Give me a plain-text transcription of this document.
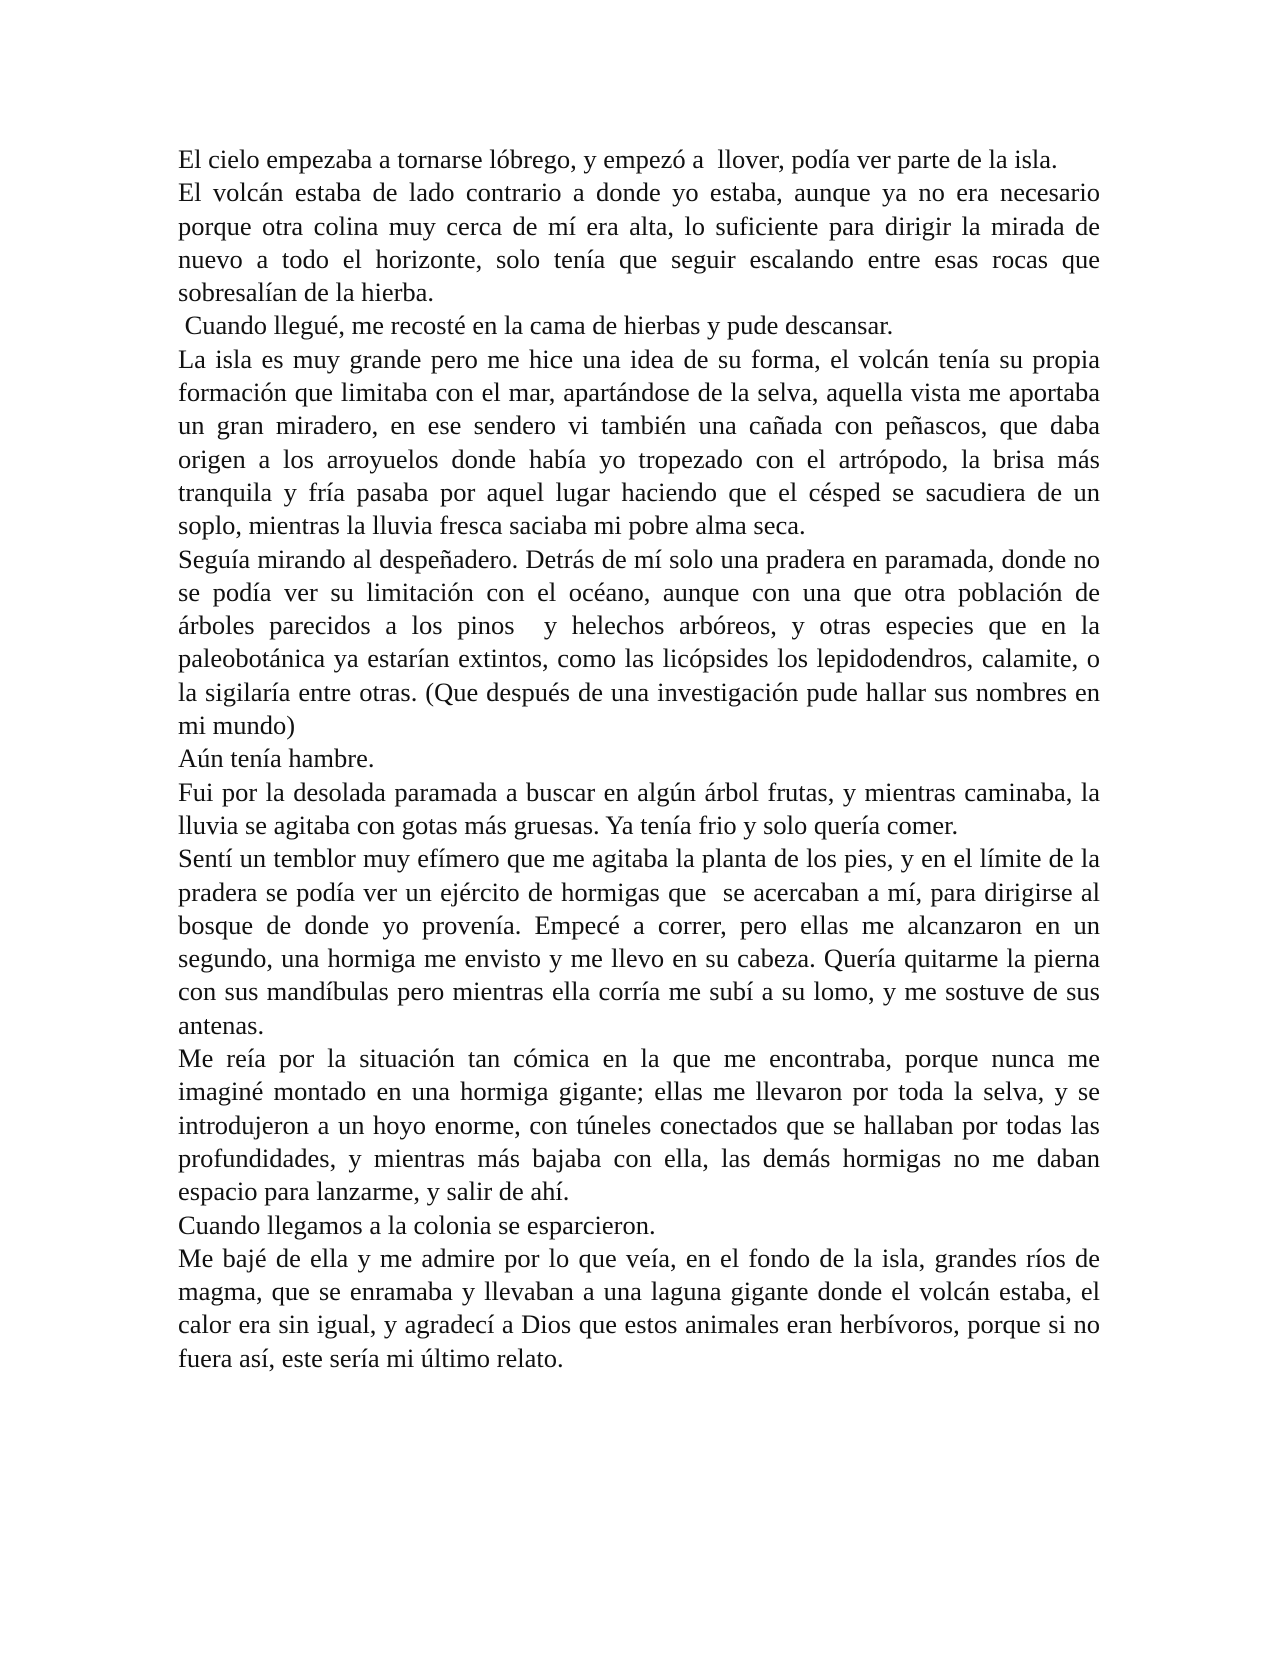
El cielo empezaba a tornarse lóbrego, y empezó a  llover, podía ver parte de la isla.

El volcán estaba de lado contrario a donde yo estaba, aunque ya no era necesario porque otra colina muy cerca de mí era alta, lo suficiente para dirigir la mirada de nuevo a todo el horizonte, solo tenía que seguir escalando entre esas rocas que sobresalían de la hierba.

Cuando llegué, me recosté en la cama de hierbas y pude descansar.

La isla es muy grande pero me hice una idea de su forma, el volcán tenía su propia formación que limitaba con el mar, apartándose de la selva, aquella vista me aportaba un gran miradero, en ese sendero vi también una cañada con peñascos, que daba origen a los arroyuelos donde había yo tropezado con el artrópodo, la brisa más tranquila y fría pasaba por aquel lugar haciendo que el césped se sacudiera de un soplo, mientras la lluvia fresca saciaba mi pobre alma seca.

Seguía mirando al despeñadero. Detrás de mí solo una pradera en paramada, donde no se podía ver su limitación con el océano, aunque con una que otra población de árboles parecidos a los pinos  y helechos arbóreos, y otras especies que en la paleobotánica ya estarían extintos, como las licópsides los lepidodendros, calamite, o la sigilaría entre otras. (Que después de una investigación pude hallar sus nombres en mi mundo)

Aún tenía hambre.

Fui por la desolada paramada a buscar en algún árbol frutas, y mientras caminaba, la lluvia se agitaba con gotas más gruesas. Ya tenía frio y solo quería comer.

Sentí un temblor muy efímero que me agitaba la planta de los pies, y en el límite de la pradera se podía ver un ejército de hormigas que  se acercaban a mí, para dirigirse al bosque de donde yo provenía. Empecé a correr, pero ellas me alcanzaron en un segundo, una hormiga me envisto y me llevo en su cabeza. Quería quitarme la pierna con sus mandíbulas pero mientras ella corría me subí a su lomo, y me sostuve de sus antenas.

Me reía por la situación tan cómica en la que me encontraba, porque nunca me imaginé montado en una hormiga gigante; ellas me llevaron por toda la selva, y se introdujeron a un hoyo enorme, con túneles conectados que se hallaban por todas las profundidades, y mientras más bajaba con ella, las demás hormigas no me daban espacio para lanzarme, y salir de ahí.

Cuando llegamos a la colonia se esparcieron.

Me bajé de ella y me admire por lo que veía, en el fondo de la isla, grandes ríos de magma, que se enramaba y llevaban a una laguna gigante donde el volcán estaba, el calor era sin igual, y agradecí a Dios que estos animales eran herbívoros, porque si no fuera así, este sería mi último relato.
